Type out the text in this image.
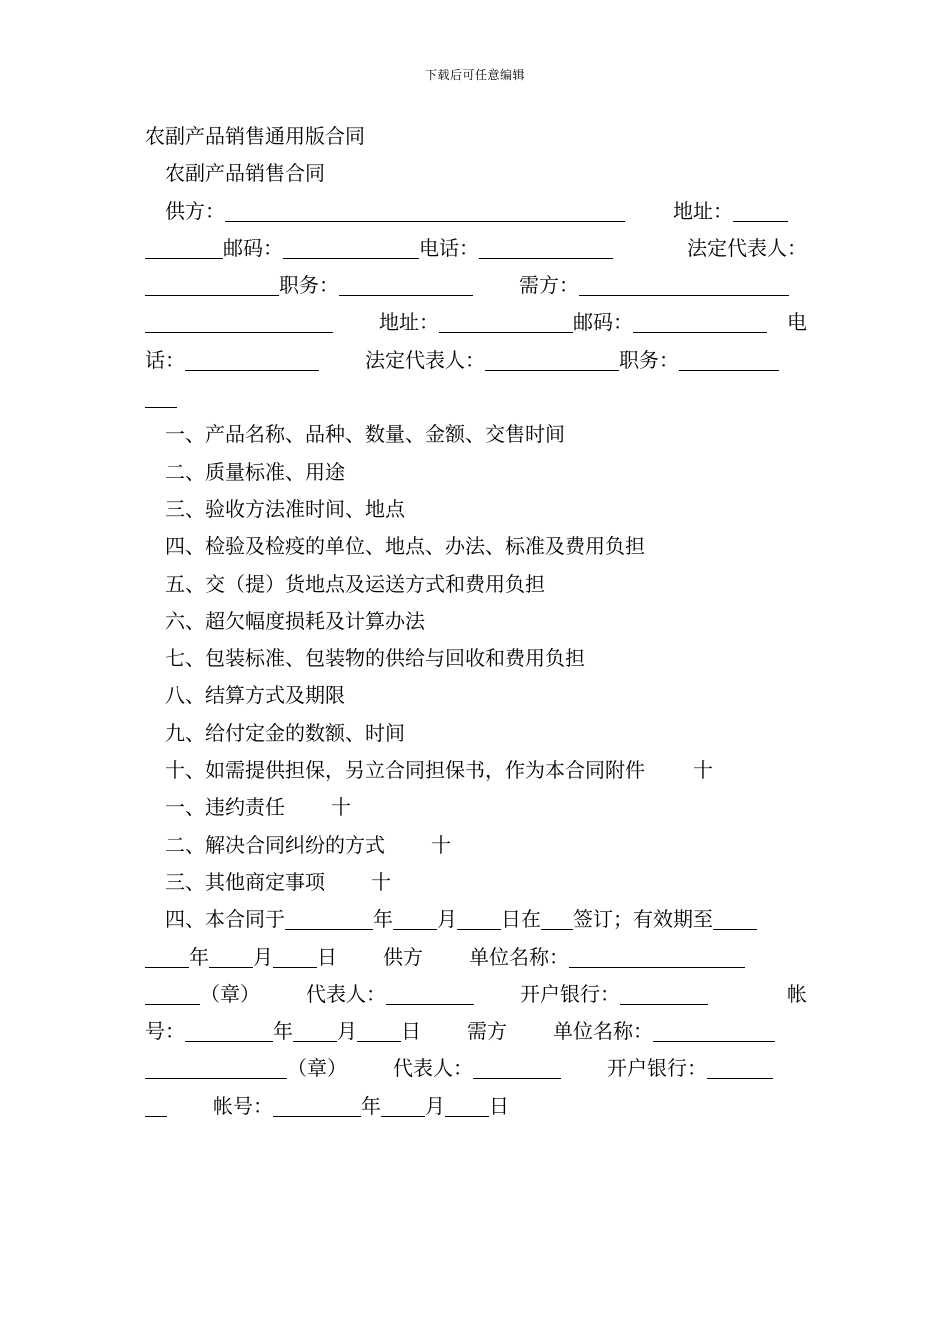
下载后可任意编辑
农副产品销售通用版合同
农副产品销售合同
供方：	地址：
邮码：	电话：	法定代表人：
职务：	需方：
地址：	邮码：	电
话：	法定代表人：	职务：
一、产品名称、品种、数量、金额、交售时间
二、质量标准、用途
三、验收方法准时间、地点
四、检验及检疫的单位、地点、办法、标准及费用负担
五、交（提）货地点及运送方式和费用负担
六、超欠幅度损耗及计算办法
七、包装标准、包装物的供给与回收和费用负担
八、结算方式及期限
九、给付定金的数额、时间
十、如需提供担保，另立合同担保书，作为本合同附件 十
一、违约责任 十
二、解决合同纠纷的方式 十
三、其他商定事项 十
四、本合同于	年 月 日在 签订；有效期至
年 月 日 供方 单位名称：
（章） 代表人：	开户银行：	帐
号：	年 月 日 需方 单位名称：
（章） 代表人：	开户银行：
帐号：	年 月 日
